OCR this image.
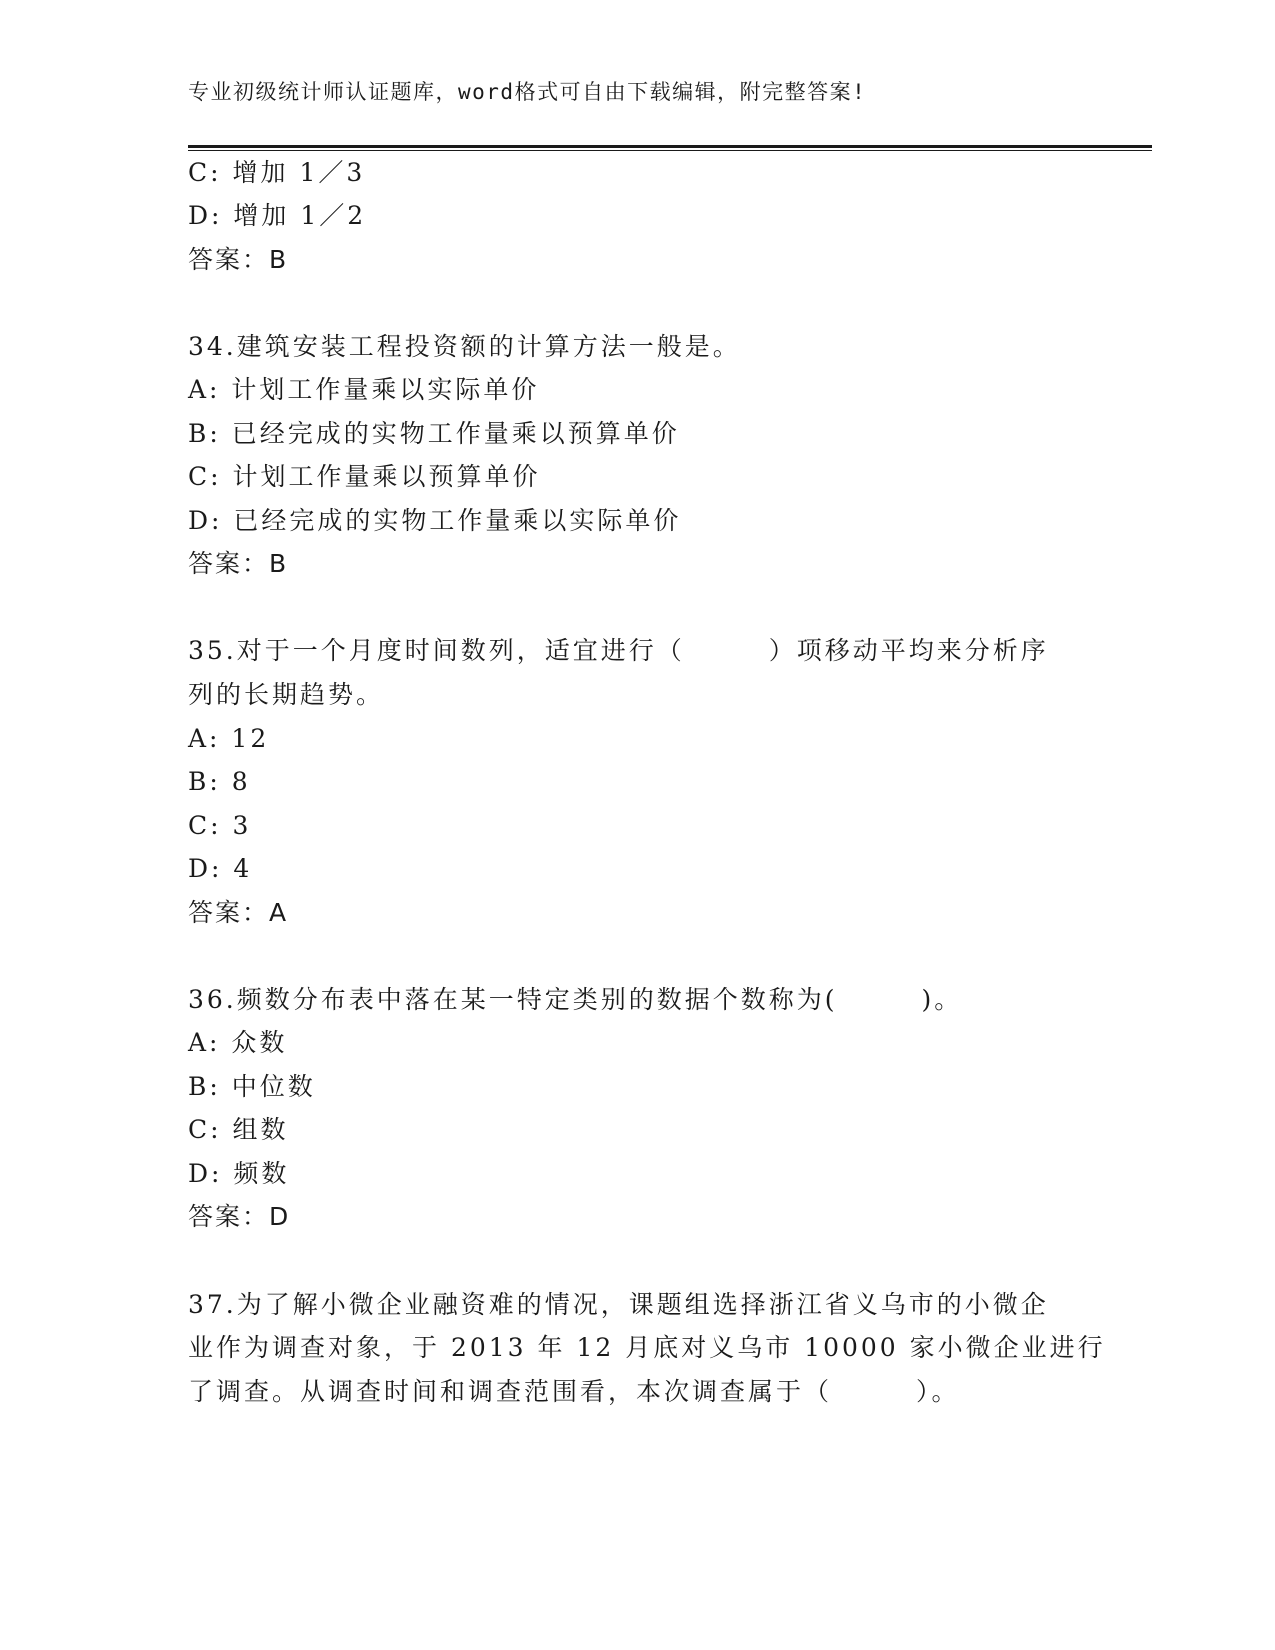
专业初级统计师认证题库，word格式可自由下载编辑，附完整答案!
C: 增加 1／3
D: 增加 1／2
答案：B
34.建筑安装工程投资额的计算方法一般是。
A: 计划工作量乘以实际单价
B: 已经完成的实物工作量乘以预算单价
C: 计划工作量乘以预算单价
D: 已经完成的实物工作量乘以实际单价
答案：B
35.对于一个月度时间数列，适宜进行（　　　）项移动平均来分析序
列的长期趋势。
A: 12
B: 8
C: 3
D: 4
答案：A
36.频数分布表中落在某一特定类别的数据个数称为(　　　)。
A: 众数
B: 中位数
C: 组数
D: 频数
答案：D
37.为了解小微企业融资难的情况，课题组选择浙江省义乌市的小微企
业作为调查对象，于 2013 年 12 月底对义乌市 10000 家小微企业进行
了调查。从调查时间和调查范围看，本次调查属于（　　　）。
